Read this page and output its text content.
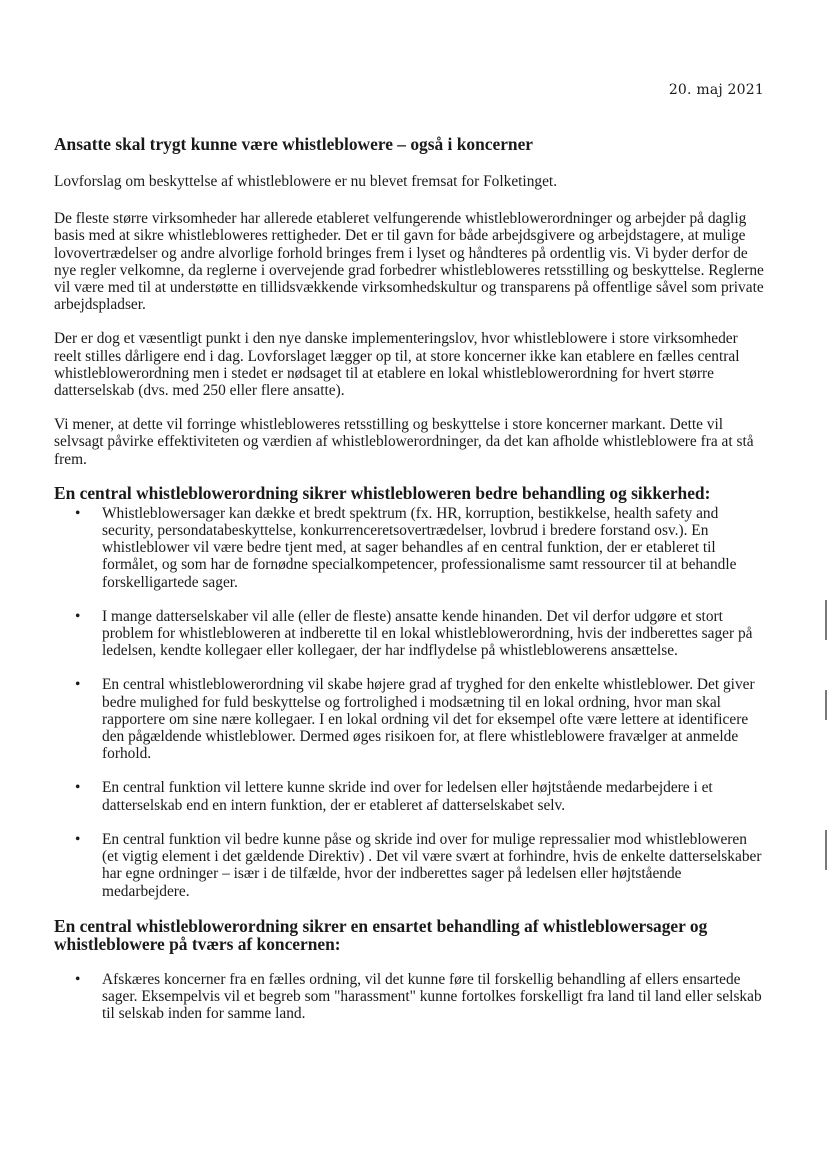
20. maj 2021
Ansatte skal trygt kunne være whistleblowere – også i koncerner

Lovforslag om beskyttelse af whistleblowere er nu blevet fremsat for Folketinget.

De fleste større virksomheder har allerede etableret velfungerende whistleblowerordninger og arbejder på daglig basis med at sikre whistlebloweres rettigheder. Det er til gavn for både arbejdsgivere og arbejdstagere, at mulige lovovertrædelser og andre alvorlige forhold bringes frem i lyset og håndteres på ordentlig vis. Vi byder derfor de nye regler velkomne, da reglerne i overvejende grad forbedrer whistlebloweres retsstilling og beskyttelse. Reglerne vil være med til at understøtte en tillidsvækkende virksomhedskultur og transparens på offentlige såvel som private arbejdspladser.

Der er dog et væsentligt punkt i den nye danske implementeringslov, hvor whistleblowere i store virksomheder reelt stilles dårligere end i dag. Lovforslaget lægger op til, at store koncerner ikke kan etablere en fælles central whistleblowerordning men i stedet er nødsaget til at etablere en lokal whistleblowerordning for hvert større datterselskab (dvs. med 250 eller flere ansatte).

Vi mener, at dette vil forringe whistlebloweres retsstilling og beskyttelse i store koncerner markant. Dette vil selvsagt påvirke effektiviteten og værdien af whistleblowerordninger, da det kan afholde whistleblowere fra at stå frem.

En central whistleblowerordning sikrer whistlebloweren bedre behandling og sikkerhed:
• Whistleblowersager kan dække et bredt spektrum (fx. HR, korruption, bestikkelse, health safety and security, persondatabeskyttelse, konkurrenceretsovertrædelser, lovbrud i bredere forstand osv.). En whistleblower vil være bedre tjent med, at sager behandles af en central funktion, der er etableret til formålet, og som har de fornødne specialkompetencer, professionalisme samt ressourcer til at behandle forskelligartede sager.
• I mange datterselskaber vil alle (eller de fleste) ansatte kende hinanden. Det vil derfor udgøre et stort problem for whistlebloweren at indberette til en lokal whistleblowerordning, hvis der indberettes sager på ledelsen, kendte kollegaer eller kollegaer, der har indflydelse på whistleblowerens ansættelse.
• En central whistleblowerordning vil skabe højere grad af tryghed for den enkelte whistleblower. Det giver bedre mulighed for fuld beskyttelse og fortrolighed i modsætning til en lokal ordning, hvor man skal rapportere om sine nære kollegaer. I en lokal ordning vil det for eksempel ofte være lettere at identificere den pågældende whistleblower. Dermed øges risikoen for, at flere whistleblowere fravælger at anmelde forhold.
• En central funktion vil lettere kunne skride ind over for ledelsen eller højtstående medarbejdere i et datterselskab end en intern funktion, der er etableret af datterselskabet selv.
• En central funktion vil bedre kunne påse og skride ind over for mulige repressalier mod whistlebloweren (et vigtig element i det gældende Direktiv) . Det vil være svært at forhindre, hvis de enkelte datterselskaber har egne ordninger – især i de tilfælde, hvor der indberettes sager på ledelsen eller højtstående medarbejdere.
En central whistleblowerordning sikrer en ensartet behandling af whistleblowersager og whistleblowere på tværs af koncernen:
• Afskæres koncerner fra en fælles ordning, vil det kunne føre til forskellig behandling af ellers ensartede sager. Eksempelvis vil et begreb som "harassment" kunne fortolkes forskelligt fra land til land eller selskab til selskab inden for samme land.
